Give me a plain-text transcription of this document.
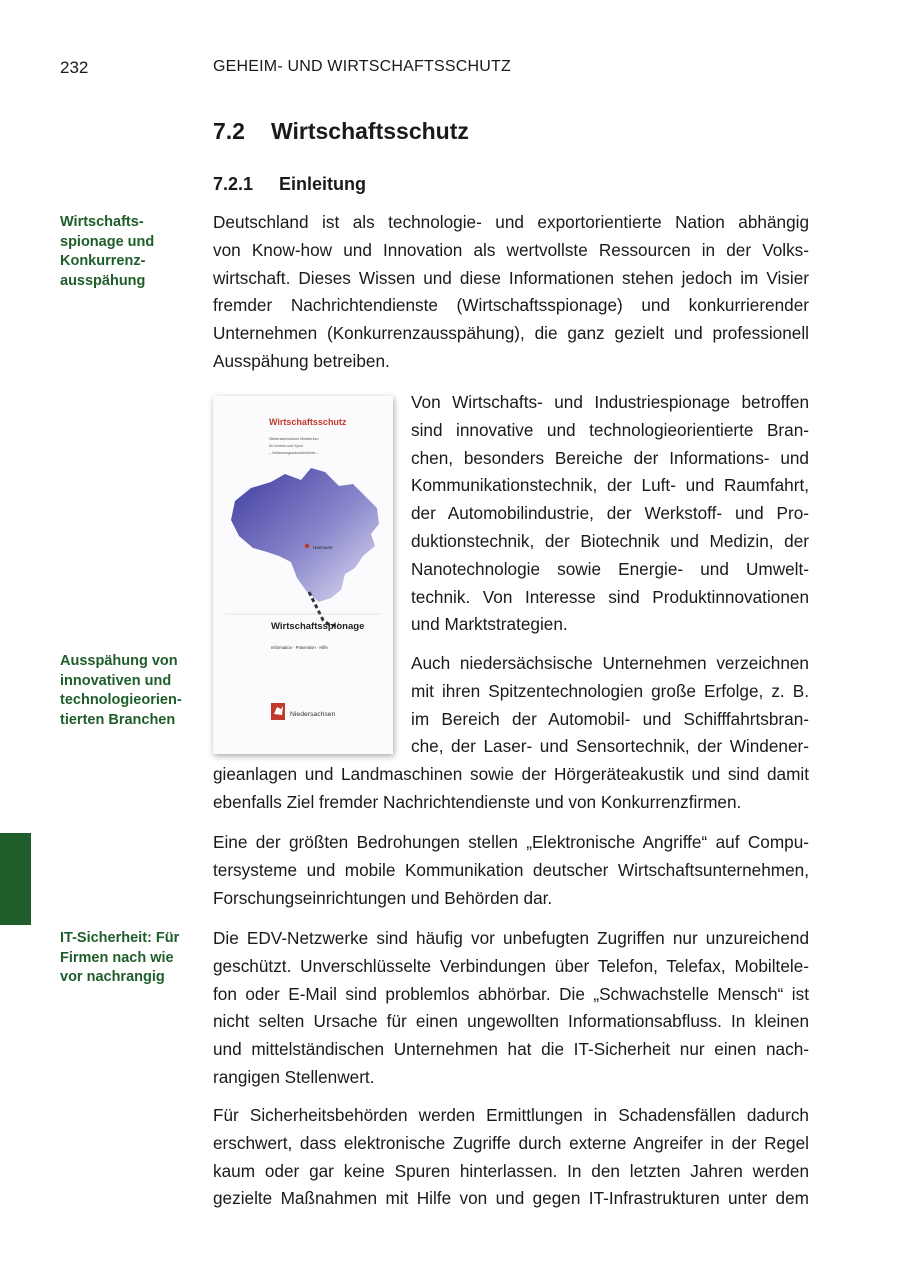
232	GEHEIM- UND WIRTSCHAFTSSCHUTZ
7.2 Wirtschaftsschutz
7.2.1 Einleitung
Wirtschafts-
spionage und
Konkurrenz-
ausspähung
Ausspähung von
innovativen und
technologieorien-
tierten Branchen
IT-Sicherheit: Für
Firmen nach wie
vor nachrangig
Deutschland ist als technologie- und exportorientierte Nation abhängig
von Know-how und Innovation als wertvollste Ressourcen in der Volks-
wirtschaft. Dieses Wissen und diese Informationen stehen jedoch im Visier
fremder Nachrichtendienste (Wirtschaftsspionage) und konkurrierender
Unternehmen (Konkurrenzausspähung), die ganz gezielt und professionell
Ausspähung betreiben.
Wirtschaftsschutz
Niedersächsisches Ministerium
für Inneres und Sport
– Verfassungsschutzbehörde –
Hannover
Wirtschaftsspionage
Information · Prävention · Hilfe
Niedersachsen
Von Wirtschafts- und Industriespionage betroffen
sind innovative und technologieorientierte Bran-
chen, besonders Bereiche der Informations- und
Kommunikationstechnik, der Luft- und Raumfahrt,
der Automobilindustrie, der Werkstoff- und Pro-
duktionstechnik, der Biotechnik und Medizin, der
Nanotechnologie sowie Energie- und Umwelt-
technik. Von Interesse sind Produktinnovationen
und Marktstrategien.
Auch niedersächsische Unternehmen verzeichnen
mit ihren Spitzentechnologien große Erfolge, z. B.
im Bereich der Automobil- und Schifffahrtsbran-
che, der Laser- und Sensortechnik, der Windener-
gieanlagen und Landmaschinen sowie der Hörgeräteakustik und sind damit
ebenfalls Ziel fremder Nachrichtendienste und von Konkurrenzfirmen.
Eine der größten Bedrohungen stellen „Elektronische Angriffe“ auf Compu-
tersysteme und mobile Kommunikation deutscher Wirtschaftsunternehmen,
Forschungseinrichtungen und Behörden dar.
Die EDV-Netzwerke sind häufig vor unbefugten Zugriffen nur unzureichend
geschützt. Unverschlüsselte Verbindungen über Telefon, Telefax, Mobiltele-
fon oder E-Mail sind problemlos abhörbar. Die „Schwachstelle Mensch“ ist
nicht selten Ursache für einen ungewollten Informationsabfluss. In kleinen
und mittelständischen Unternehmen hat die IT-Sicherheit nur einen nach-
rangigen Stellenwert.
Für Sicherheitsbehörden werden Ermittlungen in Schadensfällen dadurch
erschwert, dass elektronische Zugriffe durch externe Angreifer in der Regel
kaum oder gar keine Spuren hinterlassen. In den letzten Jahren werden
gezielte Maßnahmen mit Hilfe von und gegen IT-Infrastrukturen unter dem
